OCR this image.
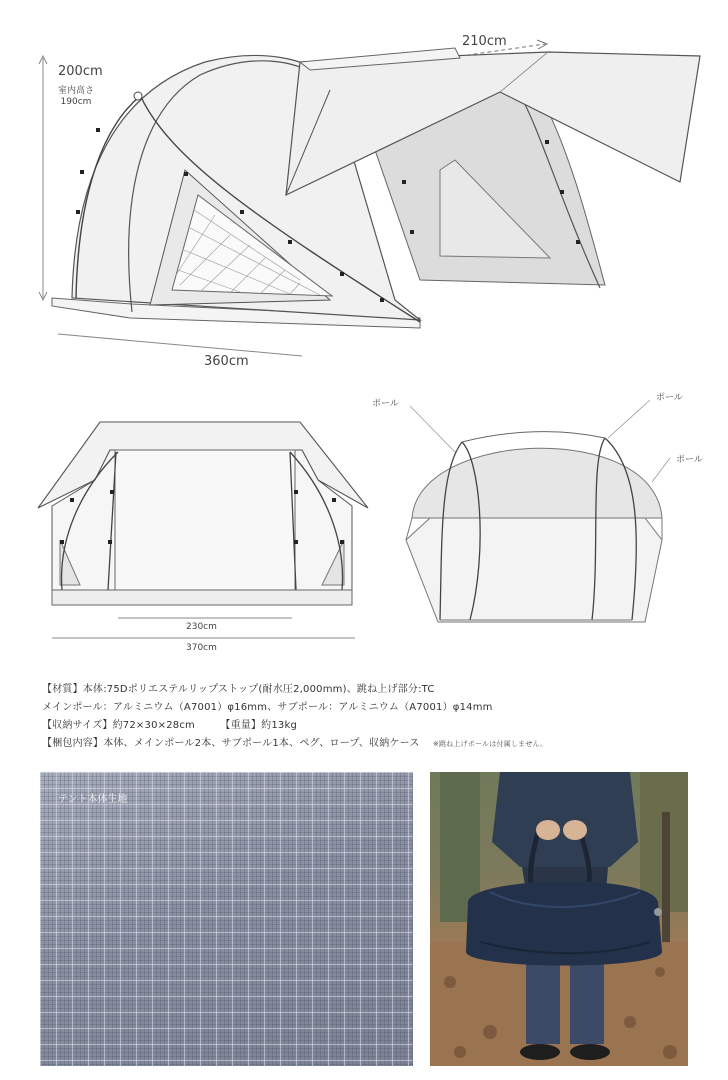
200cm
室内高さ
190cm
210cm
360cm
230cm
370cm
ポール
ポール
ポール
【材質】本体:75Dポリエステルリップストップ(耐水圧2,000mm)、跳ね上げ部分:TC
メインポール：アルミニウム（A7001）φ16mm、サブポール：アルミニウム（A7001）φ14mm
【収納サイズ】約72×30×28cm	【重量】約13kg
【梱包内容】本体、メインポール2本、サブポール1本、ペグ、ロープ、収納ケース ※跳ね上げポールは付属しません。
テント本体生地
